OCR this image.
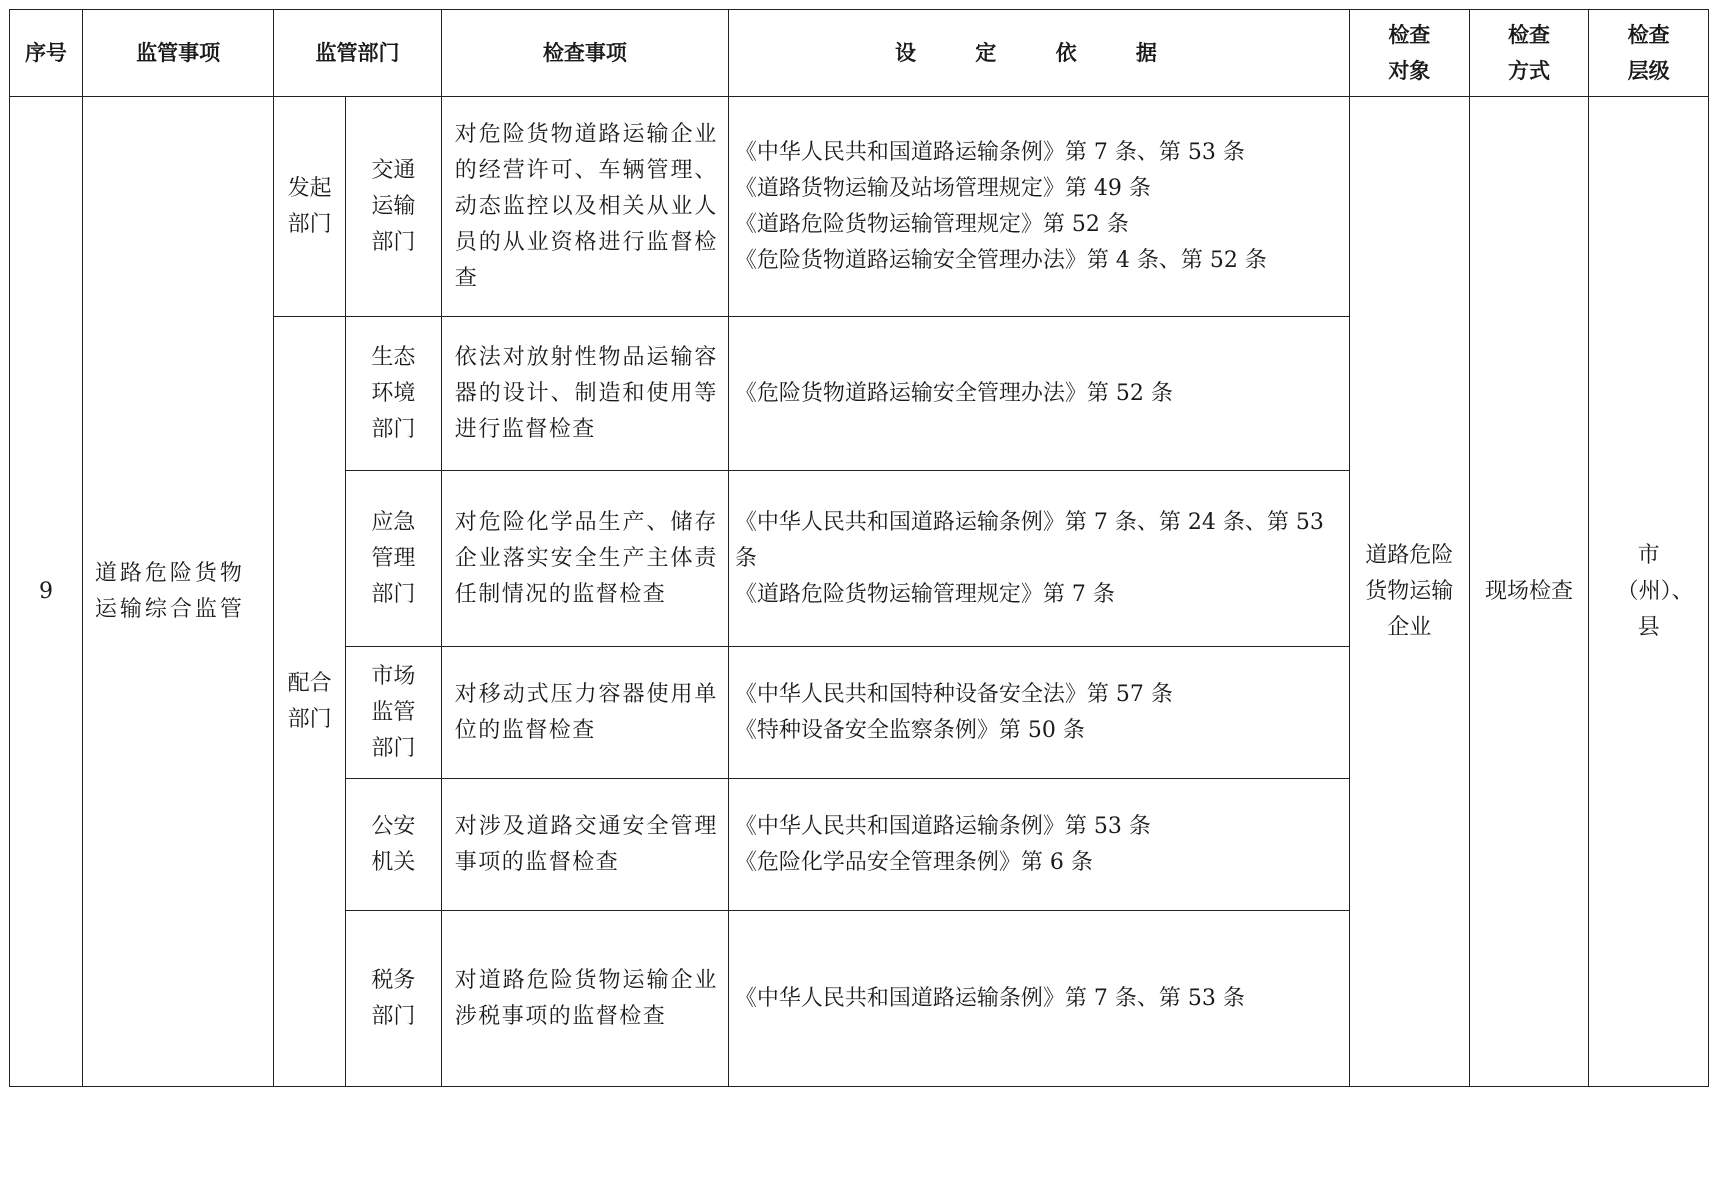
序号	监管事项	监管部门		检查事项	设 定 依 据	检查对象	检查方式	检查层级
9	道路危险货物运输综合监管	发起部门	交通运输部门	对危险货物道路运输企业的经营许可、车辆管理、动态监控以及相关从业人员的从业资格进行监督检查	《中华人民共和国道路运输条例》第 7 条、第 53 条
《道路货物运输及站场管理规定》第 49 条
《道路危险货物运输管理规定》第 52 条
《危险货物道路运输安全管理办法》第 4 条、第 52 条	道路危险货物运输企业	现场检查	市（州）、县
		配合部门	生态环境部门	依法对放射性物品运输容器的设计、制造和使用等进行监督检查	《危险货物道路运输安全管理办法》第 52 条			

			应急管理部门	对危险化学品生产、储存企业落实安全生产主体责任制情况的监督检查	《中华人民共和国道路运输条例》第 7 条、第 24 条、第 53 条
《道路危险货物运输管理规定》第 7 条			

			市场监管部门	对移动式压力容器使用单位的监督检查	《中华人民共和国特种设备安全法》第 57 条
《特种设备安全监察条例》第 50 条			

			公安机关	对涉及道路交通安全管理事项的监督检查	《中华人民共和国道路运输条例》第 53 条
《危险化学品安全管理条例》第 6 条			

			税务部门	对道路危险货物运输企业涉税事项的监督检查	《中华人民共和国道路运输条例》第 7 条、第 53 条			
